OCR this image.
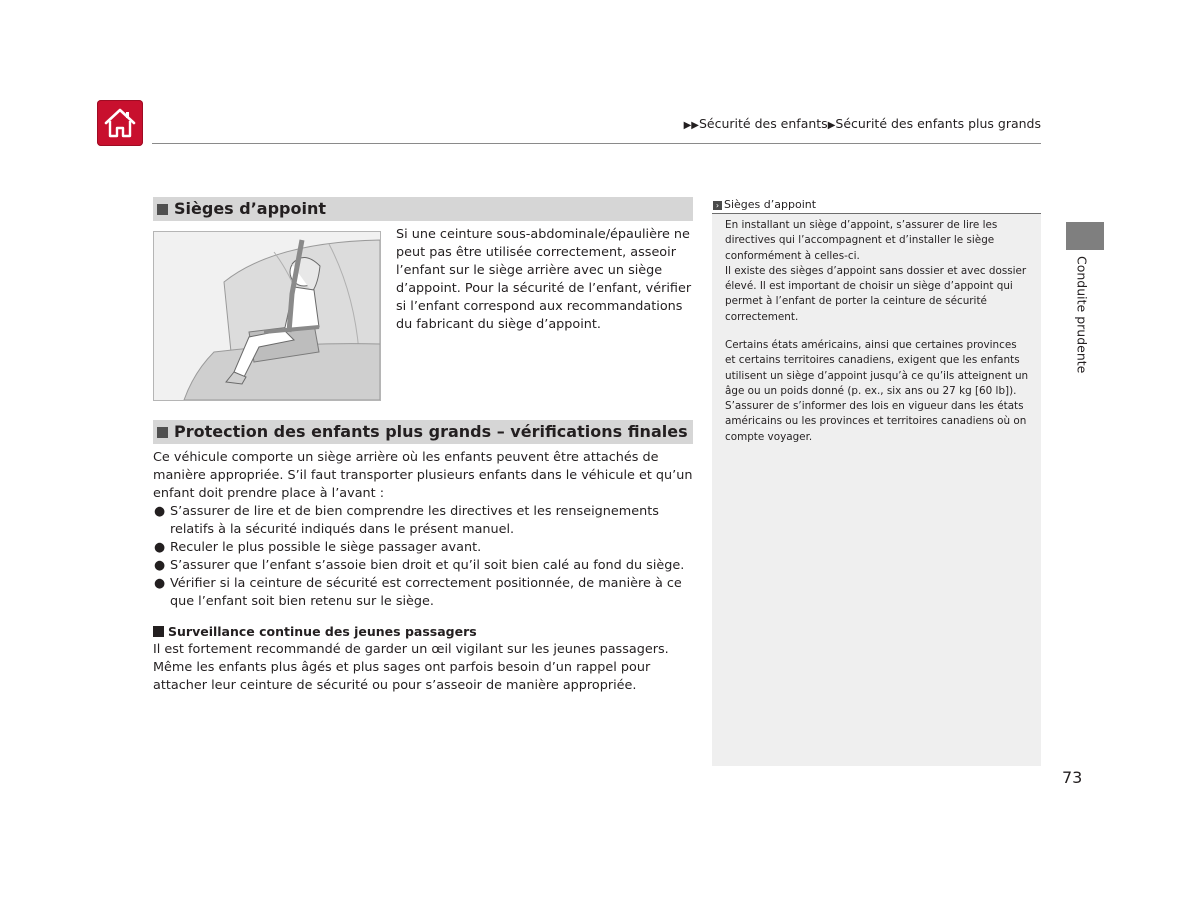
▶▶Sécurité des enfants▶Sécurité des enfants plus grands
Sièges d’appoint
Si une ceinture sous-abdominale/épaulière ne peut pas être utilisée correctement, asseoir l’enfant sur le siège arrière avec un siège d’appoint. Pour la sécurité de l’enfant, vérifier si l’enfant correspond aux recommandations du fabricant du siège d’appoint.
Protection des enfants plus grands – vérifications finales
Ce véhicule comporte un siège arrière où les enfants peuvent être attachés de manière appropriée. S’il faut transporter plusieurs enfants dans le véhicule et qu’un enfant doit prendre place à l’avant :
● S’assurer de lire et de bien comprendre les directives et les renseignements relatifs à la sécurité indiqués dans le présent manuel.
● Reculer le plus possible le siège passager avant.
● S’assurer que l’enfant s’assoie bien droit et qu’il soit bien calé au fond du siège.
● Vérifier si la ceinture de sécurité est correctement positionnée, de manière à ce que l’enfant soit bien retenu sur le siège.
Surveillance continue des jeunes passagers
Il est fortement recommandé de garder un œil vigilant sur les jeunes passagers. Même les enfants plus âgés et plus sages ont parfois besoin d’un rappel pour attacher leur ceinture de sécurité ou pour s’asseoir de manière appropriée.
› Sièges d’appoint
En installant un siège d’appoint, s’assurer de lire les directives qui l’accompagnent et d’installer le siège conformément à celles-ci.
Il existe des sièges d’appoint sans dossier et avec dossier élevé. Il est important de choisir un siège d’appoint qui permet à l’enfant de porter la ceinture de sécurité correctement.
Certains états américains, ainsi que certaines provinces et certains territoires canadiens, exigent que les enfants utilisent un siège d’appoint jusqu’à ce qu’ils atteignent un âge ou un poids donné (p. ex., six ans ou 27 kg [60 lb]). S’assurer de s’informer des lois en vigueur dans les états américains ou les provinces et territoires canadiens où on compte voyager.
Conduite prudente
73
